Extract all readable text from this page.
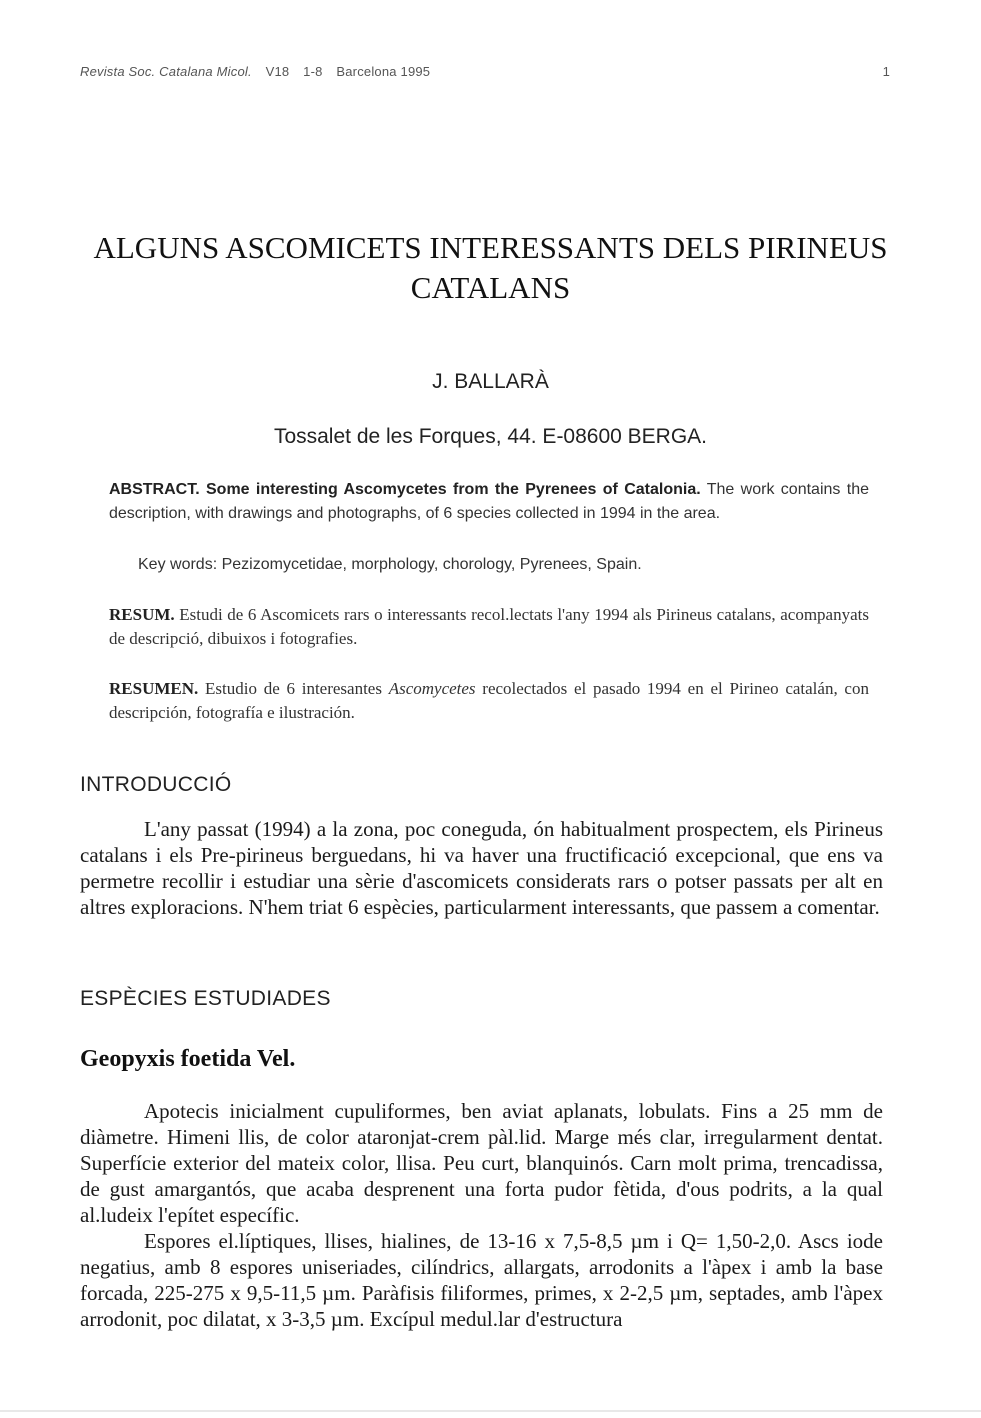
Revista Soc. Catalana Micol. V18 1-8 Barcelona 1995	1
ALGUNS ASCOMICETS INTERESSANTS DELS PIRINEUS CATALANS
J. BALLARÀ
Tossalet de les Forques, 44. E-08600 BERGA.
ABSTRACT. Some interesting Ascomycetes from the Pyrenees of Catalonia. The work contains the description, with drawings and photographs, of 6 species collected in 1994 in the area.
Key words: Pezizomycetidae, morphology, chorology, Pyrenees, Spain.
RESUM. Estudi de 6 Ascomicets rars o interessants recol.lectats l'any 1994 als Pirineus catalans, acompanyats de descripció, dibuixos i fotografies.
RESUMEN. Estudio de 6 interesantes Ascomycetes recolectados el pasado 1994 en el Pirineo catalán, con descripción, fotografía e ilustración.
INTRODUCCIÓ

L'any passat (1994) a la zona, poc coneguda, ón habitualment prospectem, els Pirineus catalans i els Pre-pirineus berguedans, hi va haver una fructificació excepcional, que ens va permetre recollir i estudiar una sèrie d'ascomicets considerats rars o potser passats per alt en altres exploracions. N'hem triat 6 espècies, particularment interessants, que passem a comentar.

ESPÈCIES ESTUDIADES
Geopyxis foetida Vel.

Apotecis inicialment cupuliformes, ben aviat aplanats, lobulats. Fins a 25 mm de diàmetre. Himeni llis, de color ataronjat-crem pàl.lid. Marge més clar, irregularment dentat. Superfície exterior del mateix color, llisa. Peu curt, blanquinós. Carn molt prima, trencadissa, de gust amargantós, que acaba desprenent una forta pudor fètida, d'ous podrits, a la qual al.ludeix l'epítet específic.

Espores el.líptiques, llises, hialines, de 13-16 x 7,5-8,5 µm i Q= 1,50-2,0. Ascs iode negatius, amb 8 espores uniseriades, cilíndrics, allargats, arrodonits a l'àpex i amb la base forcada, 225-275 x 9,5-11,5 µm. Paràfisis filiformes, primes, x 2-2,5 µm, septades, amb l'àpex arrodonit, poc dilatat, x 3-3,5 µm. Excípul medul.lar d'estructura
